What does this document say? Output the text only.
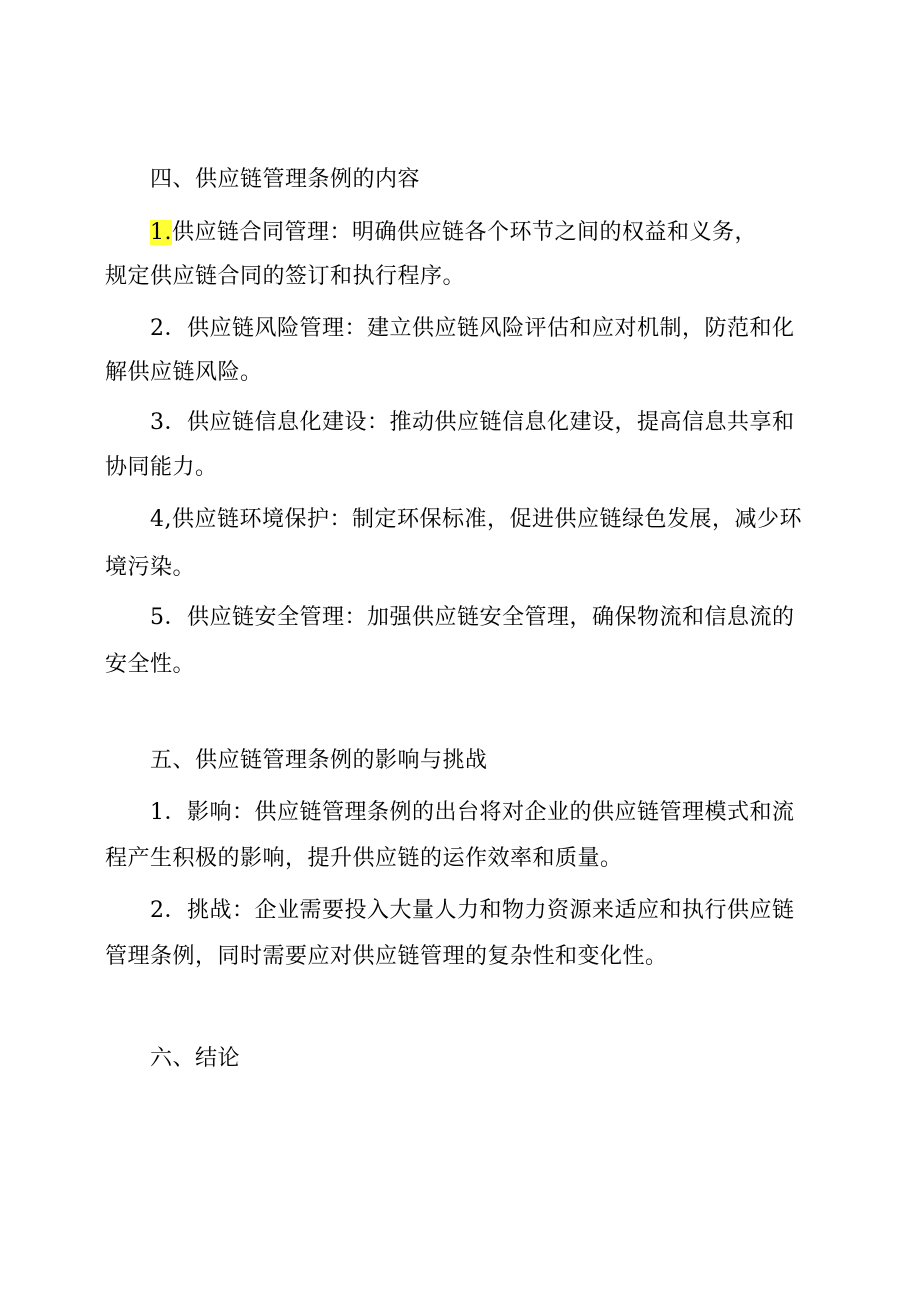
四、供应链管理条例的内容
1.供应链合同管理：明确供应链各个环节之间的权益和义务，
规定供应链合同的签订和执行程序。
2．供应链风险管理：建立供应链风险评估和应对机制，防范和化
解供应链风险。
3．供应链信息化建设：推动供应链信息化建设，提高信息共享和
协同能力。
4,供应链环境保护：制定环保标准，促进供应链绿色发展，减少环
境污染。
5．供应链安全管理：加强供应链安全管理，确保物流和信息流的
安全性。
五、供应链管理条例的影响与挑战
1．影响：供应链管理条例的出台将对企业的供应链管理模式和流
程产生积极的影响，提升供应链的运作效率和质量。
2．挑战：企业需要投入大量人力和物力资源来适应和执行供应链
管理条例，同时需要应对供应链管理的复杂性和变化性。
六、结论
